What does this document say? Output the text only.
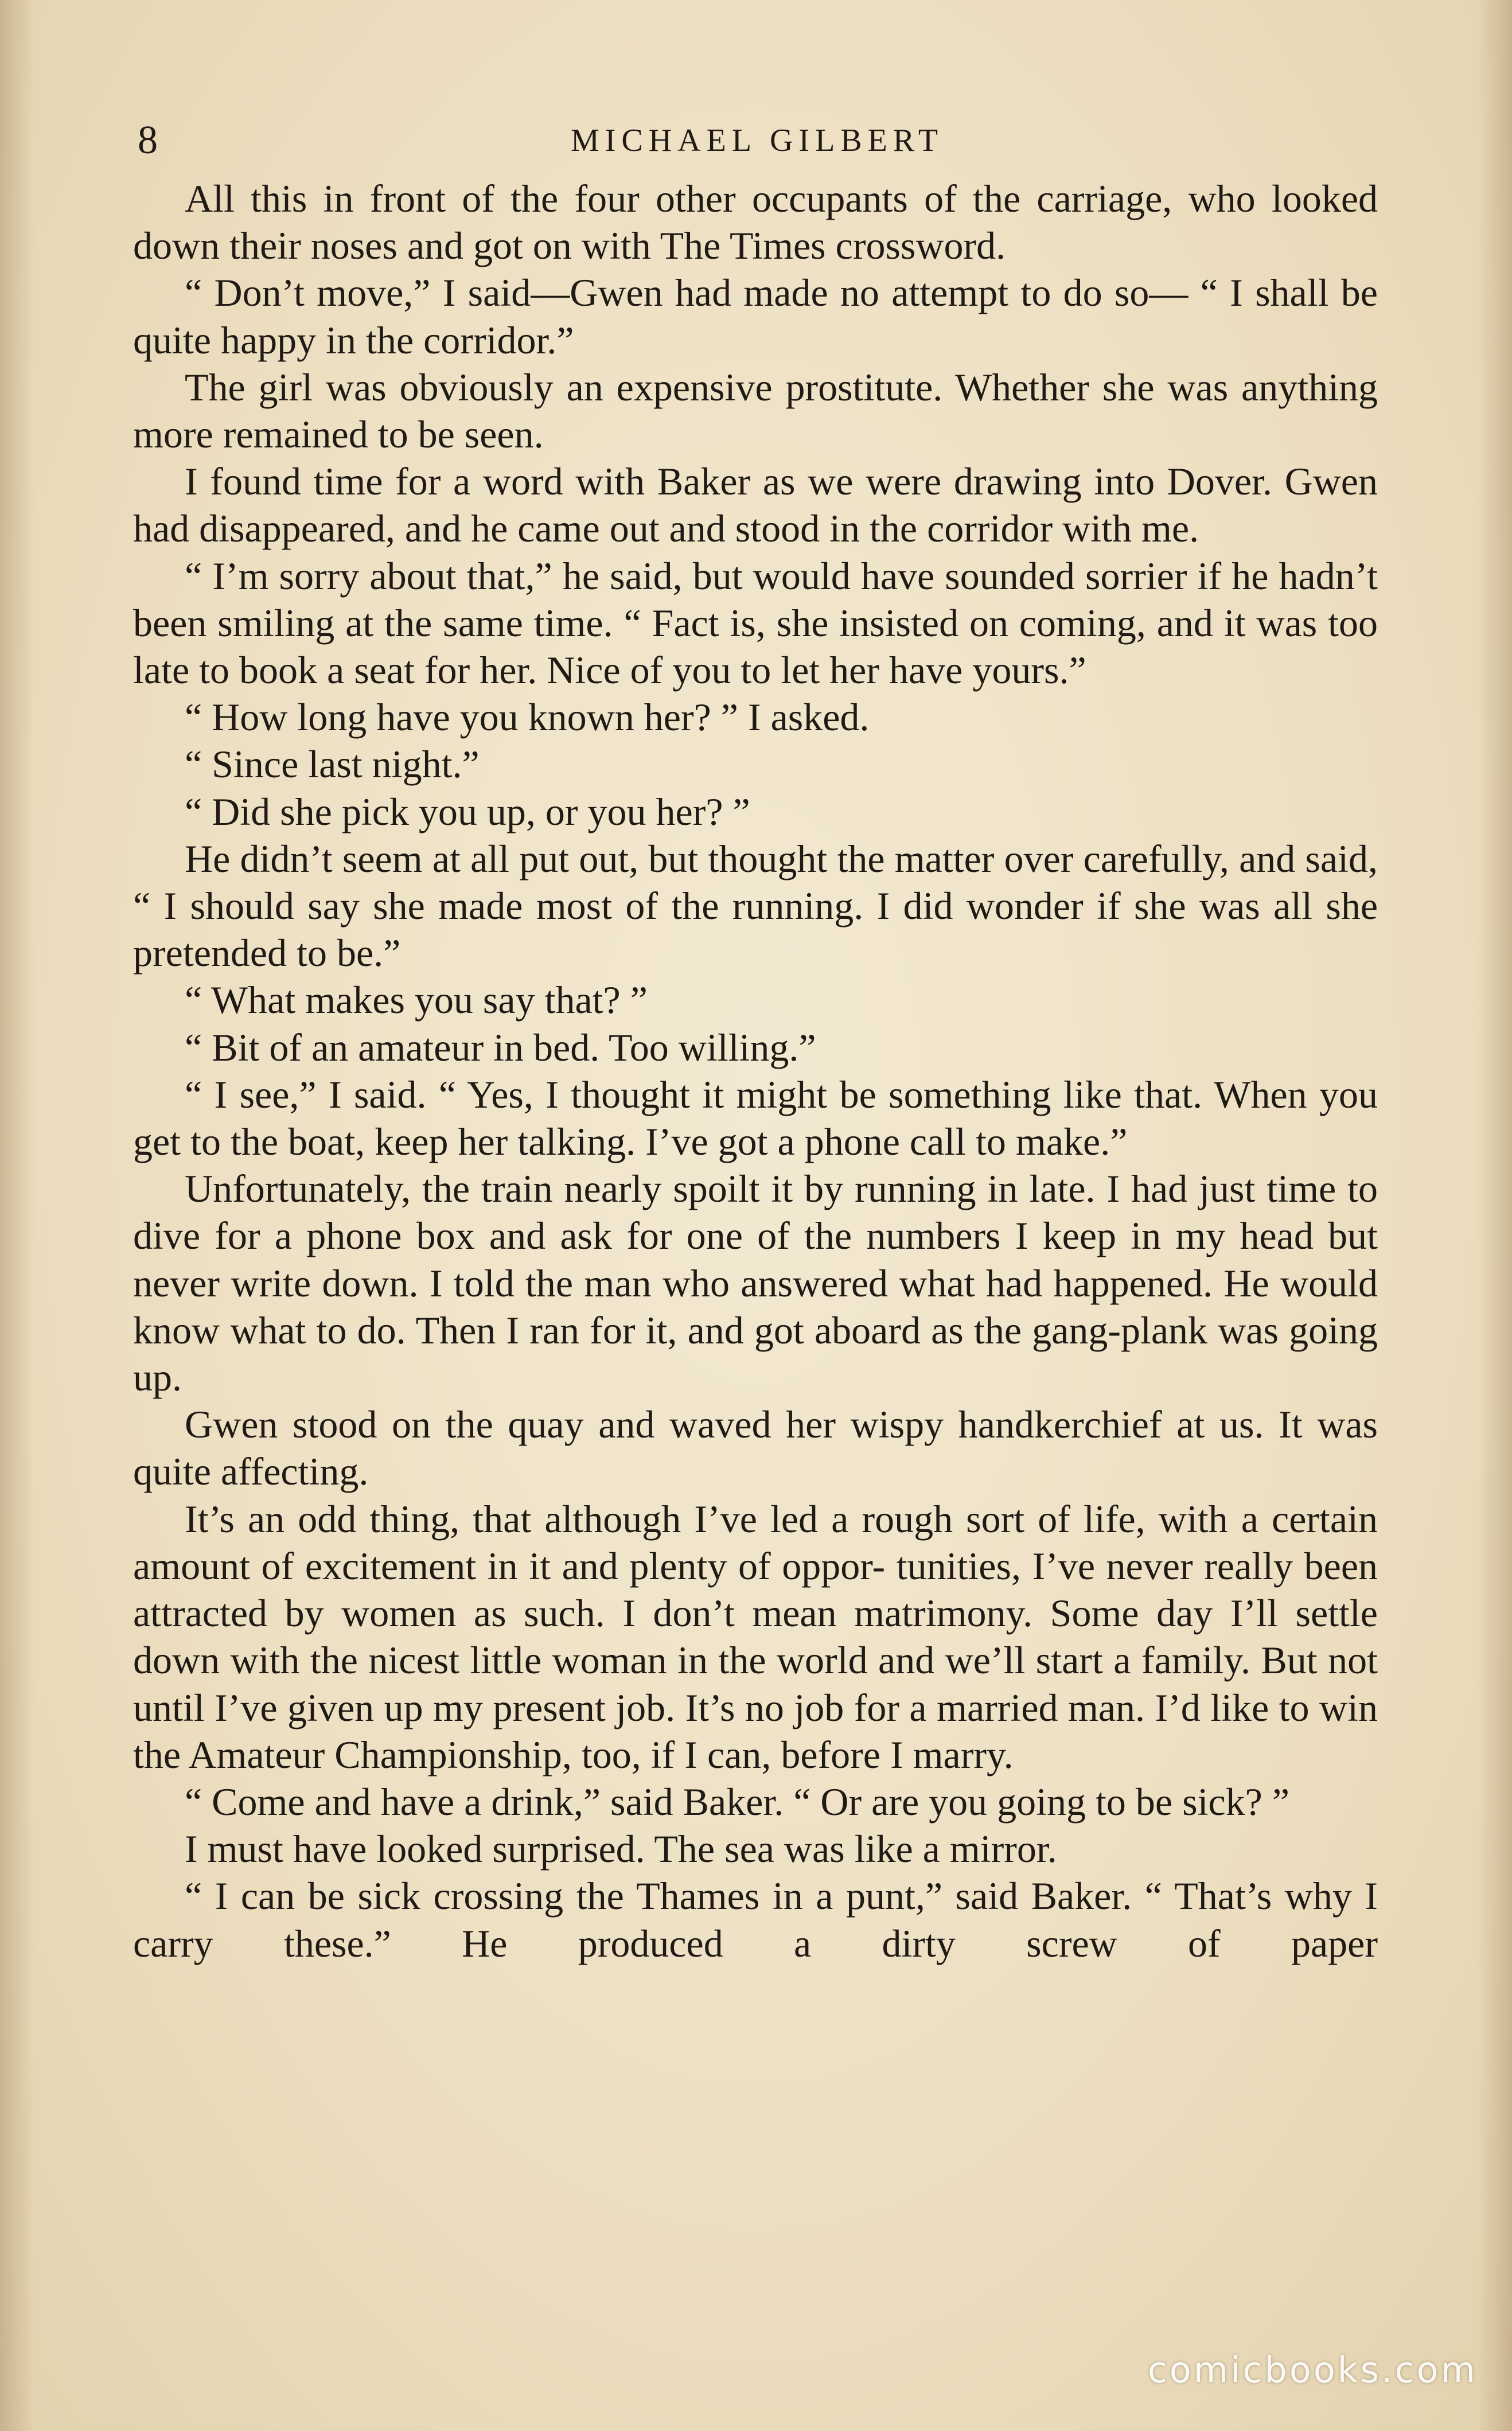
8	MICHAEL GILBERT

All this in front of the four other occupants of the carriage, who looked down their noses and got on with The Times crossword.

“ Don’t move,” I said—Gwen had made no attempt to do so— “ I shall be quite happy in the corridor.”

The girl was obviously an expensive prostitute. Whether she was anything more remained to be seen.

I found time for a word with Baker as we were drawing into Dover. Gwen had disappeared, and he came out and stood in the corridor with me.

“ I’m sorry about that,” he said, but would have sounded sorrier if he hadn’t been smiling at the same time. “ Fact is, she insisted on coming, and it was too late to book a seat for her. Nice of you to let her have yours.”

“ How long have you known her? ” I asked.

“ Since last night.”

“ Did she pick you up, or you her? ”

He didn’t seem at all put out, but thought the matter over carefully, and said, “ I should say she made most of the running. I did wonder if she was all she pretended to be.”

“ What makes you say that? ”

“ Bit of an amateur in bed. Too willing.”

“ I see,” I said. “ Yes, I thought it might be something like that. When you get to the boat, keep her talking. I’ve got a phone call to make.”

Unfortunately, the train nearly spoilt it by running in late. I had just time to dive for a phone box and ask for one of the numbers I keep in my head but never write down. I told the man who answered what had happened. He would know what to do. Then I ran for it, and got aboard as the gang-plank was going up.

Gwen stood on the quay and waved her wispy handkerchief at us. It was quite affecting.

It’s an odd thing, that although I’ve led a rough sort of life, with a certain amount of excitement in it and plenty of oppor- tunities, I’ve never really been attracted by women as such. I don’t mean matrimony. Some day I’ll settle down with the nicest little woman in the world and we’ll start a family. But not until I’ve given up my present job. It’s no job for a married man. I’d like to win the Amateur Championship, too, if I can, before I marry.

“ Come and have a drink,” said Baker. “ Or are you going to be sick? ”

I must have looked surprised. The sea was like a mirror.

“ I can be sick crossing the Thames in a punt,” said Baker. “ That’s why I carry these.” He produced a dirty screw of paper

comicbooks.com
